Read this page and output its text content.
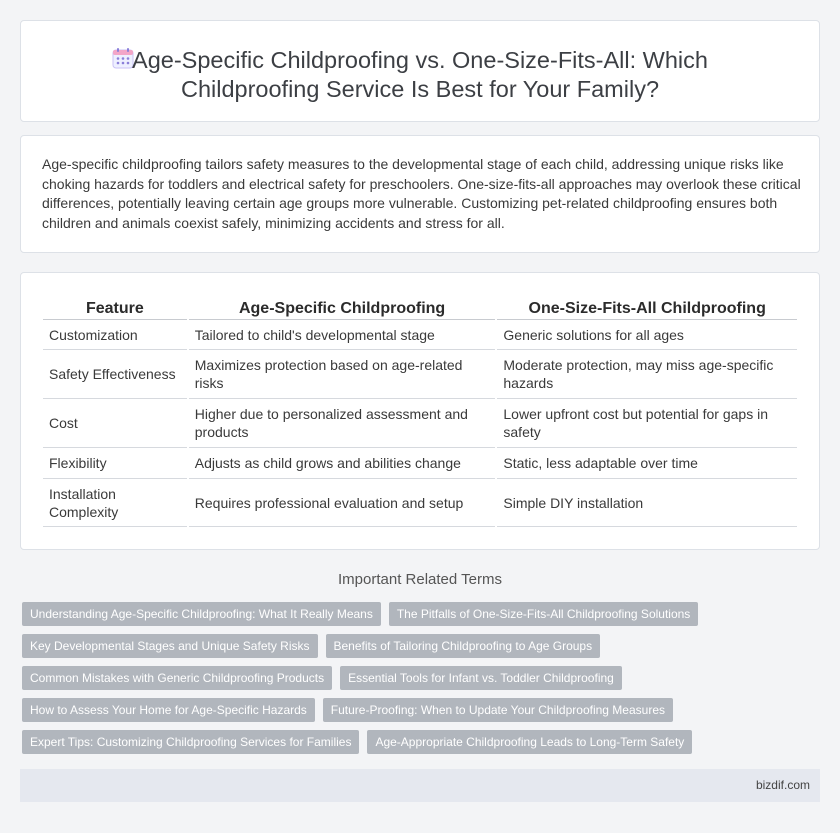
Age-Specific Childproofing vs. One-Size-Fits-All: Which Childproofing Service Is Best for Your Family?

Age-specific childproofing tailors safety measures to the developmental stage of each child, addressing unique risks like choking hazards for toddlers and electrical safety for preschoolers. One-size-fits-all approaches may overlook these critical differences, potentially leaving certain age groups more vulnerable. Customizing pet-related childproofing ensures both children and animals coexist safely, minimizing accidents and stress for all.

Feature	Age-Specific Childproofing	One-Size-Fits-All Childproofing
Customization	Tailored to child's developmental stage	Generic solutions for all ages
Safety Effectiveness	Maximizes protection based on age-related risks	Moderate protection, may miss age-specific hazards
Cost	Higher due to personalized assessment and products	Lower upfront cost but potential for gaps in safety
Flexibility	Adjusts as child grows and abilities change	Static, less adaptable over time
Installation Complexity	Requires professional evaluation and setup	Simple DIY installation
Important Related Terms
Understanding Age-Specific Childproofing: What It Really Means	The Pitfalls of One-Size-Fits-All Childproofing Solutions
Key Developmental Stages and Unique Safety Risks	Benefits of Tailoring Childproofing to Age Groups
Common Mistakes with Generic Childproofing Products	Essential Tools for Infant vs. Toddler Childproofing
How to Assess Your Home for Age-Specific Hazards	Future-Proofing: When to Update Your Childproofing Measures
Expert Tips: Customizing Childproofing Services for Families	Age-Appropriate Childproofing Leads to Long-Term Safety
bizdif.com
